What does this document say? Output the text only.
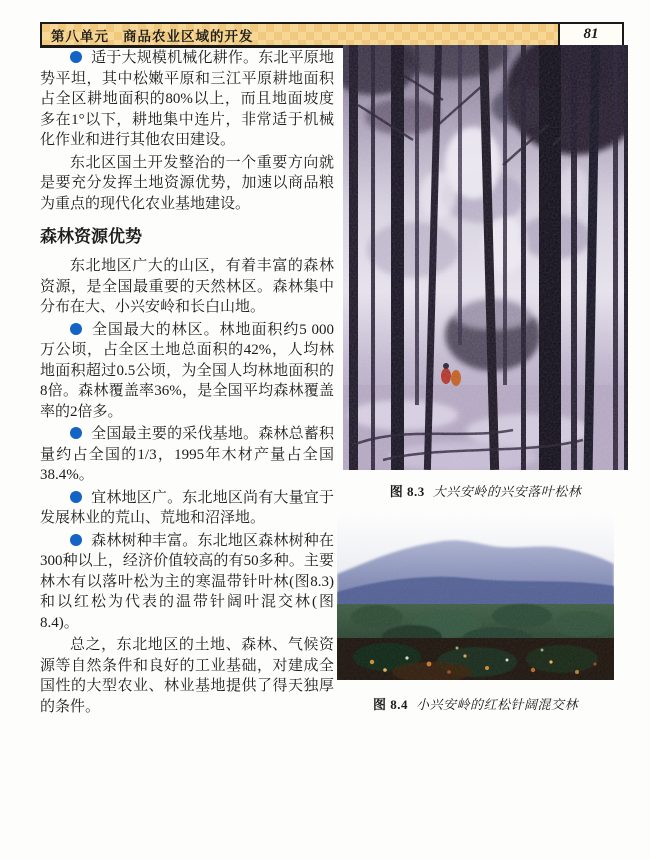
第八单元	商品农业区域的开发	81

适于大规模机械化耕作。东北平原地势平坦，其中松嫩平原和三江平原耕地面积占全区耕地面积的80%以上，而且地面坡度多在1°以下，耕地集中连片，非常适于机械化作业和进行其他农田建设。

东北区国土开发整治的一个重要方向就是要充分发挥土地资源优势，加速以商品粮为重点的现代化农业基地建设。

森林资源优势

东北地区广大的山区，有着丰富的森林资源，是全国最重要的天然林区。森林集中分布在大、小兴安岭和长白山地。

全国最大的林区。林地面积约5 000万公顷，占全区土地总面积的42%，人均林地面积超过0.5公顷，为全国人均林地面积的8倍。森林覆盖率36%，是全国平均森林覆盖率的2倍多。

全国最主要的采伐基地。森林总蓄积量约占全国的1/3，1995年木材产量占全国38.4%。

宜林地区广。东北地区尚有大量宜于发展林业的荒山、荒地和沼泽地。

森林树种丰富。东北地区森林树种在300种以上，经济价值较高的有50多种。主要林木有以落叶松为主的寒温带针叶林(图8.3)和以红松为代表的温带针阔叶混交林(图8.4)。

总之，东北地区的土地、森林、气候资源等自然条件和良好的工业基础，对建成全国性的大型农业、林业基地提供了得天独厚的条件。

图 8.3 大兴安岭的兴安落叶松林
图 8.4 小兴安岭的红松针阔混交林
